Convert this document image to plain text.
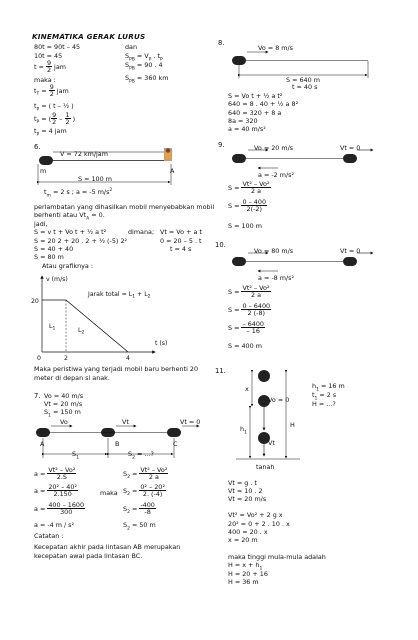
KINEMATIKA GERAK LURUS
80t = 90t – 45
10t = 45
$t = \frac{9}{2}$ jam
maka :
$t_T = \frac{9}{2}$ jam
$t_P$ = ( t – ½ )
$t_P$ = ( $\frac{9}{2} - \frac{1}{2}$ )
$t_P = 4$ jam
dan
$S_{PB} = V_P$ . $t_P$
$S_{PB} = 90$ . 4
$S_{PB} = 360$ km
6.
V = 72 km/jam
m	A
S = 100 m
$t_m = 2$ s ; a = -5 $m/s^2$
perlambatan yang dihasilkan mobil menyebabkan mobil
berhenti atau $Vt_A = 0$.
jadi,
S = v t + Vo t + ½ a t²
S = 20 2 + 20 . 2 + ½ (-5) 2²
S = 40 + 40
S = 80 m
dimana; Vt = Vo + a t
0 = 20 – 5 . t
t = 4 s
Atau grafiknya :
v (m/s)
t (s)
20
0	2	4
$L_1$	$L_2$
Jarak total = $L_1 + L_2$
Maka peristiwa yang terjadi mobil baru berhenti 20
meter di depan si anak.
7. Vo = 40 m/s
Vt = 20 m/s
$S_1 = 150$ m
Vo	Vt	Vt = 0
A	B	C
$S_1$	$S_2$ = ...?
$a = \frac{\text{Vt² – Vo²}}{2.S}$
$a = \frac{\text{20² – 40²}}{2.150}$
$a = \frac{400 - 1600}{300}$
a = -4 m / s²
maka
$S_2 = \frac{\text{Vt² – Vo²}}{2 a}$
$S_2 = \frac{\text{0² – 20²}}{2. (-4)}$
$S_2 = \frac{-400}{-8}$
$S_2 = 50$ m
Catatan :
Kecepatan akhir pada lintasan AB merupakan
kecepatan awal pada lintasan BC.
8.
Vo = 8 m/s
S = 640 m
t = 40 s
S = Vo t + ½ a t²
640 = 8 . 40 + ½ a 8²
640 = 320 + 8 a
8a = 320
a = 40 m/s²
9.	Vo = 20 m/s	Vt = 0
a = -2 m/s²
$S = \frac{\text{Vt² – Vo²}}{2 a}$
$S = \frac{0 - 400}{2(-2)}$
S = 100 m
10.
Vo = 80 m/s	Vt = 0
a = -8 m/s²
$S = \frac{\text{Vt² – Vo²}}{2 a}$
$S = \frac{0 - 6400}{2 (-8)}$
$S = \frac{- 6400}{- 16}$
S = 400 m
11.
x
Vo = 0
$h_1$
Vt
H
tanah
$h_1 = 16$ m
$t_1 = 2$ s
H = ...?
Vt = g . t
Vt = 10 . 2
Vt = 20 m/s
Vt² = Vo² + 2 g x
20² = 0 + 2 . 10 . x
400 = 20 . x
x = 20 m
maka tinggi mula-mula adalah
$H = x + h_1$
H = 20 + 16
H = 36 m
